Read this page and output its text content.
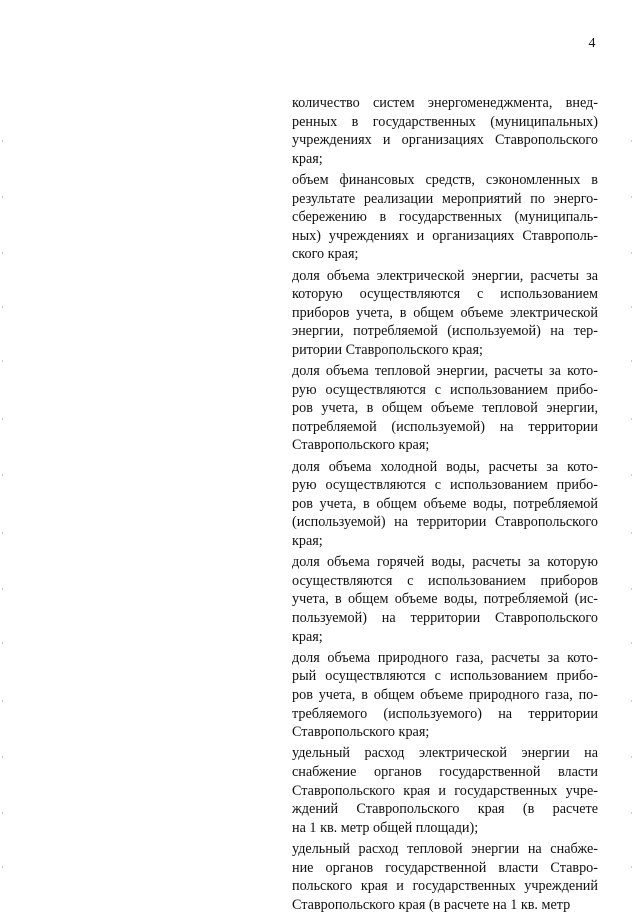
4
количество систем энергоменеджмента, внед-
ренных в государственных (муниципальных)
учреждениях и организациях Ставропольского
края;
объем финансовых средств, сэкономленных в
результате реализации мероприятий по энерго-
сбережению в государственных (муниципаль-
ных) учреждениях и организациях Ставрополь-
ского края;
доля объема электрической энергии, расчеты за
которую осуществляются с использованием
приборов учета, в общем объеме электрической
энергии, потребляемой (используемой) на тер-
ритории Ставропольского края;
доля объема тепловой энергии, расчеты за кото-
рую осуществляются с использованием прибо-
ров учета, в общем объеме тепловой энергии,
потребляемой (используемой) на территории
Ставропольского края;
доля объема холодной воды, расчеты за кото-
рую осуществляются с использованием прибо-
ров учета, в общем объеме воды, потребляемой
(используемой) на территории Ставропольского
края;
доля объема горячей воды, расчеты за которую
осуществляются с использованием приборов
учета, в общем объеме воды, потребляемой (ис-
пользуемой) на территории Ставропольского
края;
доля объема природного газа, расчеты за кото-
рый осуществляются с использованием прибо-
ров учета, в общем объеме природного газа, по-
требляемого (используемого) на территории
Ставропольского края;
удельный расход электрической энергии на
снабжение органов государственной власти
Ставропольского края и государственных учре-
ждений Ставропольского края (в расчете
на 1 кв. метр общей площади);
удельный расход тепловой энергии на снабже-
ние органов государственной власти Ставро-
польского края и государственных учреждений
Ставропольского края (в расчете на 1 кв. метр
